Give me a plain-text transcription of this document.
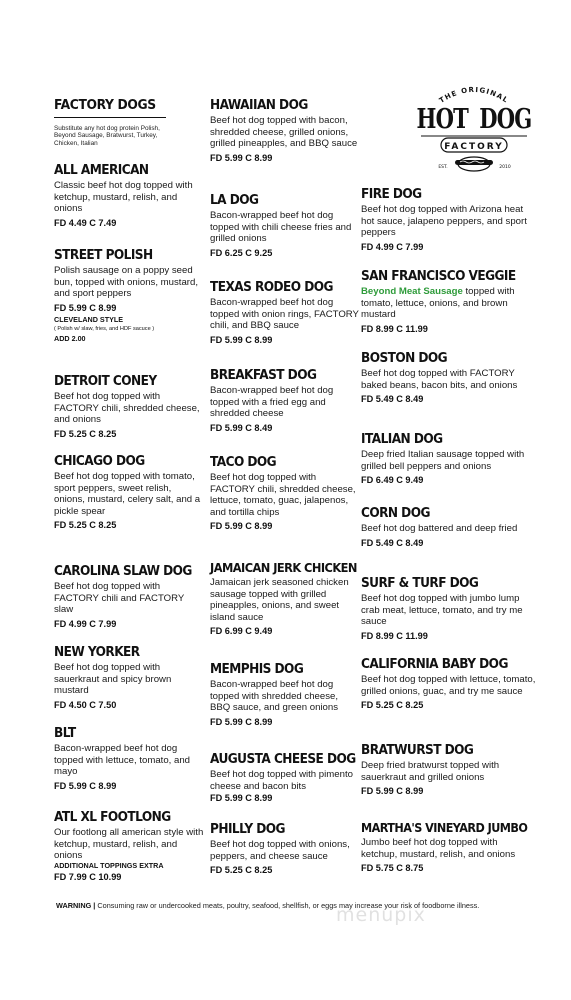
FACTORY DOGS
Substitute any hot dog protein Polish, Beyond Sausage, Bratwurst, Turkey, Chicken, Italian
THE ORIGINAL
HOT DOG
FACTORY
EST.	2010
ALL AMERICAN
Classic beef hot dog topped with ketchup, mustard, relish, and onions
FD 4.49 C 7.49
STREET POLISH
Polish sausage on a poppy seed bun, topped with onions, mustard, and sport peppers
FD 5.99 C 8.99
CLEVELAND STYLE
( Polish w/ slaw, fries, and HDF sacuce )
ADD 2.00
DETROIT CONEY
Beef hot dog topped with FACTORY chili, shredded cheese, and onions
FD 5.25 C 8.25
CHICAGO DOG
Beef hot dog topped with tomato, sport peppers, sweet relish, onions, mustard, celery salt, and a pickle spear
FD 5.25 C 8.25
CAROLINA SLAW DOG
Beef hot dog topped with FACTORY chili and FACTORY slaw
FD 4.99 C 7.99
NEW YORKER
Beef hot dog topped with sauerkraut and spicy brown mustard
FD 4.50 C 7.50
BLT
Bacon-wrapped beef hot dog topped with lettuce, tomato, and mayo
FD 5.99 C 8.99
ATL XL FOOTLONG
Our footlong all american style with ketchup, mustard, relish, and onions
ADDITIONAL TOPPINGS EXTRA
FD 7.99 C 10.99
HAWAIIAN DOG
Beef hot dog topped with bacon, shredded cheese, grilled onions, grilled pineapples, and BBQ sauce
FD 5.99 C 8.99
LA DOG
Bacon-wrapped beef hot dog topped with chili cheese fries and grilled onions
FD 6.25 C 9.25
TEXAS RODEO DOG
Bacon-wrapped beef hot dog topped with onion rings, FACTORY chili, and BBQ sauce
FD 5.99 C 8.99
BREAKFAST DOG
Bacon-wrapped beef hot dog topped with a fried egg and shredded cheese
FD 5.99 C 8.49
TACO DOG
Beef hot dog topped with FACTORY chili, shredded cheese, lettuce, tomato, guac, jalapenos, and tortilla chips
FD 5.99 C 8.99
JAMAICAN JERK CHICKEN
Jamaican jerk seasoned chicken sausage topped with grilled pineapples, onions, and sweet island sauce
FD 6.99 C 9.49
MEMPHIS DOG
Bacon-wrapped beef hot dog topped with shredded cheese, BBQ sauce, and green onions
FD 5.99 C 8.99
AUGUSTA CHEESE DOG
Beef hot dog topped with pimento cheese and bacon bits
FD 5.99 C 8.99
PHILLY DOG
Beef hot dog topped with onions, peppers, and cheese sauce
FD 5.25 C 8.25
FIRE DOG
Beef hot dog topped with Arizona heat hot sauce, jalapeno peppers, and sport peppers
FD 4.99 C 7.99
SAN FRANCISCO VEGGIE
Beyond Meat Sausage topped with tomato, lettuce, onions, and brown mustard
FD 8.99 C 11.99
BOSTON DOG
Beef hot dog topped with FACTORY baked beans, bacon bits, and onions
FD 5.49 C 8.49
ITALIAN DOG
Deep fried Italian sausage topped with grilled bell peppers and onions
FD 6.49 C 9.49
CORN DOG
Beef hot dog battered and deep fried
FD 5.49 C 8.49
SURF & TURF DOG
Beef hot dog topped with jumbo lump crab meat, lettuce, tomato, and try me sauce
FD 8.99 C 11.99
CALIFORNIA BABY DOG
Beef hot dog topped with lettuce, tomato, grilled onions, guac, and try me sauce
FD 5.25 C 8.25
BRATWURST DOG
Deep fried bratwurst topped with sauerkraut and grilled onions
FD 5.99 C 8.99
MARTHA'S VINEYARD JUMBO
Jumbo beef hot dog topped with ketchup, mustard, relish, and onions
FD 5.75 C 8.75
WARNING | Consuming raw or undercooked meats, poultry, seafood, shellfish, or eggs may increase your risk of foodborne illness.
menupix
